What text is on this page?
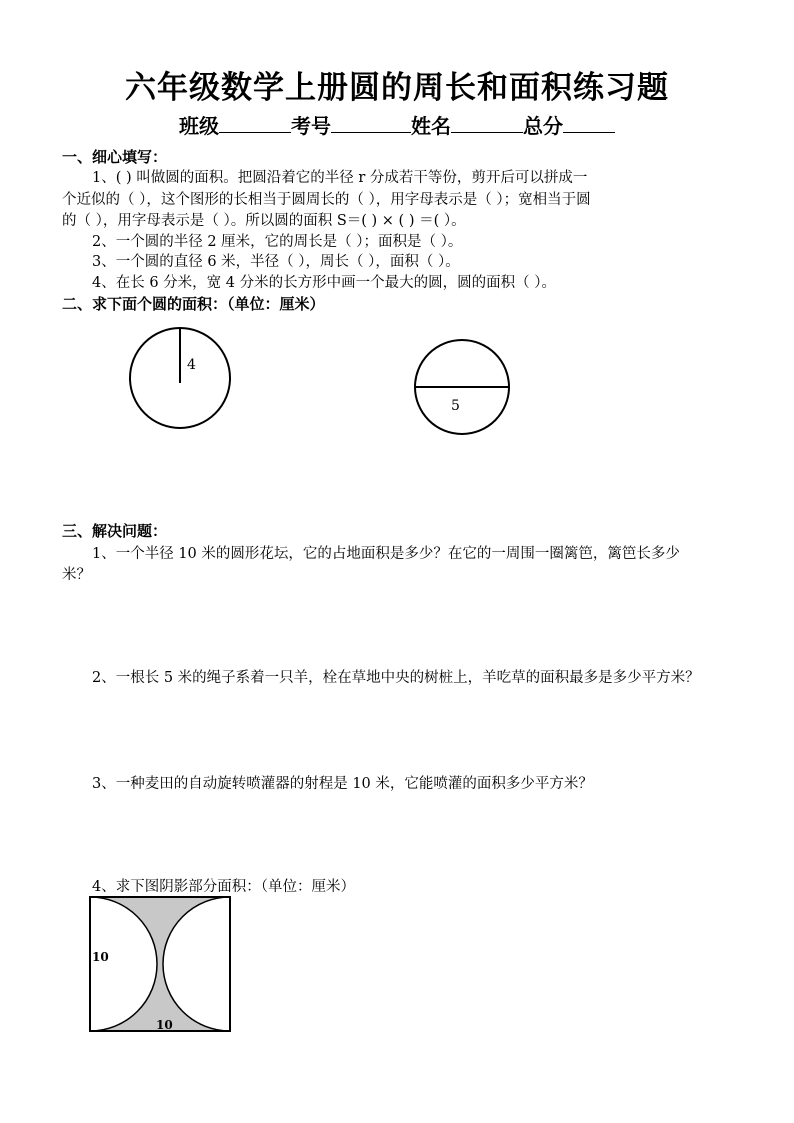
六年级数学上册圆的周长和面积练习题
班级	考号	姓名	总分
一、细心填写：
1、( ) 叫做圆的面积。把圆沿着它的半径 r 分成若干等份，剪开后可以拼成一
个近似的（ ），这个图形的长相当于圆周长的（ ），用字母表示是（ ）；宽相当于圆
的（ ），用字母表示是（ ）。所以圆的面积 S＝( ) × ( ) ＝( ）。
2、一个圆的半径 2 厘米，它的周长是（ ）；面积是（ ）。
3、一个圆的直径 6 米，半径（ ），周长（ ），面积（ ）。
4、在长 6 分米，宽 4 分米的长方形中画一个最大的圆，圆的面积（ ）。
二、求下面个圆的面积：（单位：厘米）
4
5
三、解决问题：
1、一个半径 10 米的圆形花坛，它的占地面积是多少？在它的一周围一圈篱笆，篱笆长多少
米？
2、一根长 5 米的绳子系着一只羊，栓在草地中央的树桩上，羊吃草的面积最多是多少平方米？
3、一种麦田的自动旋转喷灌器的射程是 10 米，它能喷灌的面积多少平方米？
4、求下图阴影部分面积：（单位：厘米）
10
10
